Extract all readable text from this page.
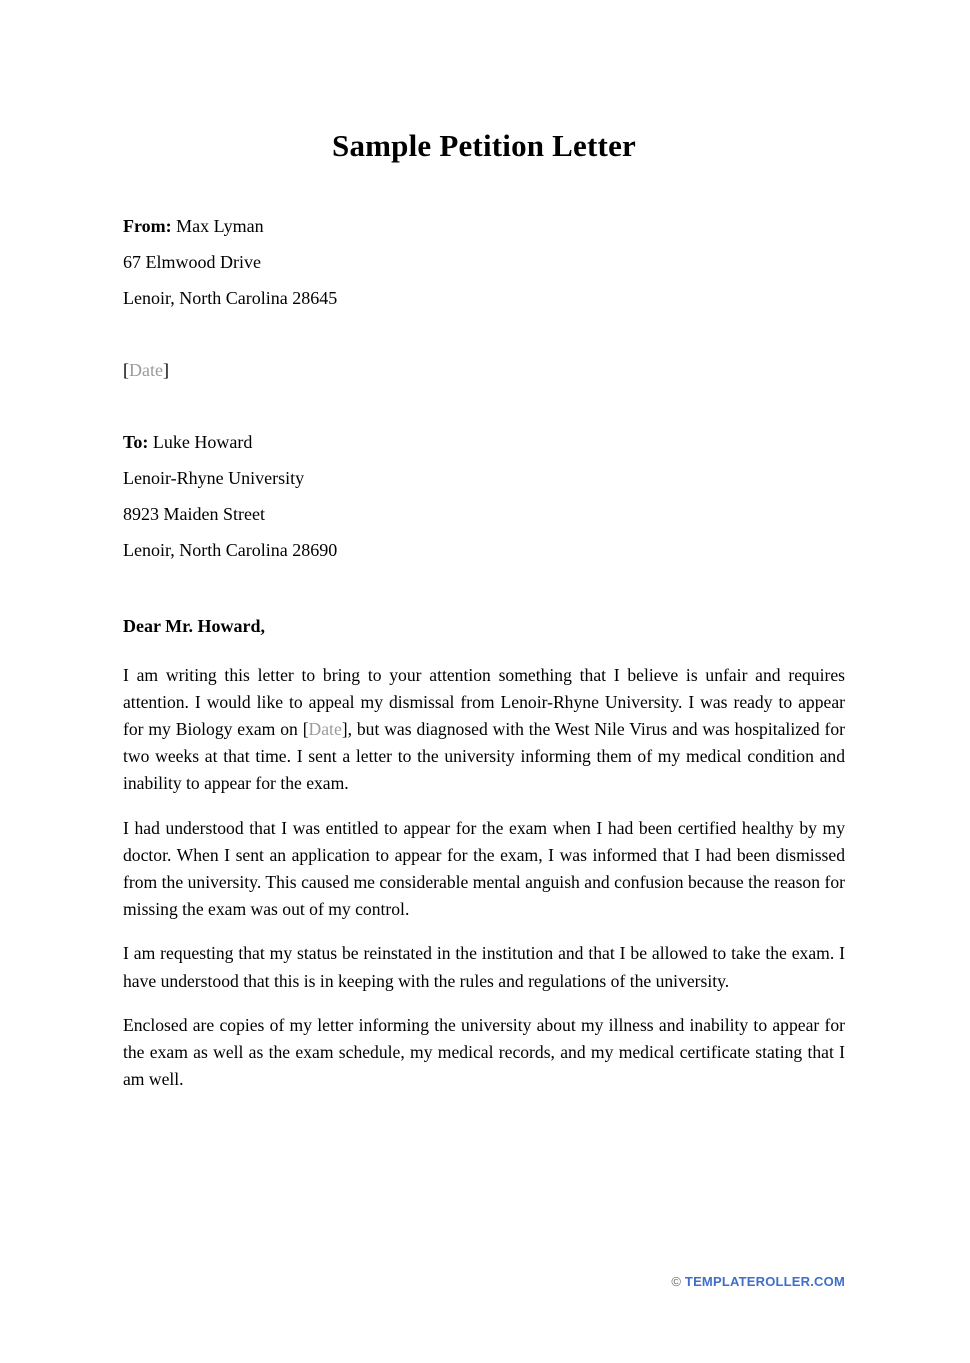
Sample Petition Letter

From: Max Lyman

67 Elmwood Drive

Lenoir, North Carolina 28645

[Date]

To: Luke Howard

Lenoir-Rhyne University

8923 Maiden Street

Lenoir, North Carolina 28690

Dear Mr. Howard,

I am writing this letter to bring to your attention something that I believe is unfair and requires attention. I would like to appeal my dismissal from Lenoir-Rhyne University. I was ready to appear for my Biology exam on [Date], but was diagnosed with the West Nile Virus and was hospitalized for two weeks at that time. I sent a letter to the university informing them of my medical condition and inability to appear for the exam.

I had understood that I was entitled to appear for the exam when I had been certified healthy by my doctor. When I sent an application to appear for the exam, I was informed that I had been dismissed from the university. This caused me considerable mental anguish and confusion because the reason for missing the exam was out of my control.

I am requesting that my status be reinstated in the institution and that I be allowed to take the exam. I have understood that this is in keeping with the rules and regulations of the university.

Enclosed are copies of my letter informing the university about my illness and inability to appear for the exam as well as the exam schedule, my medical records, and my medical certificate stating that I am well.

© TEMPLATEROLLER.COM
